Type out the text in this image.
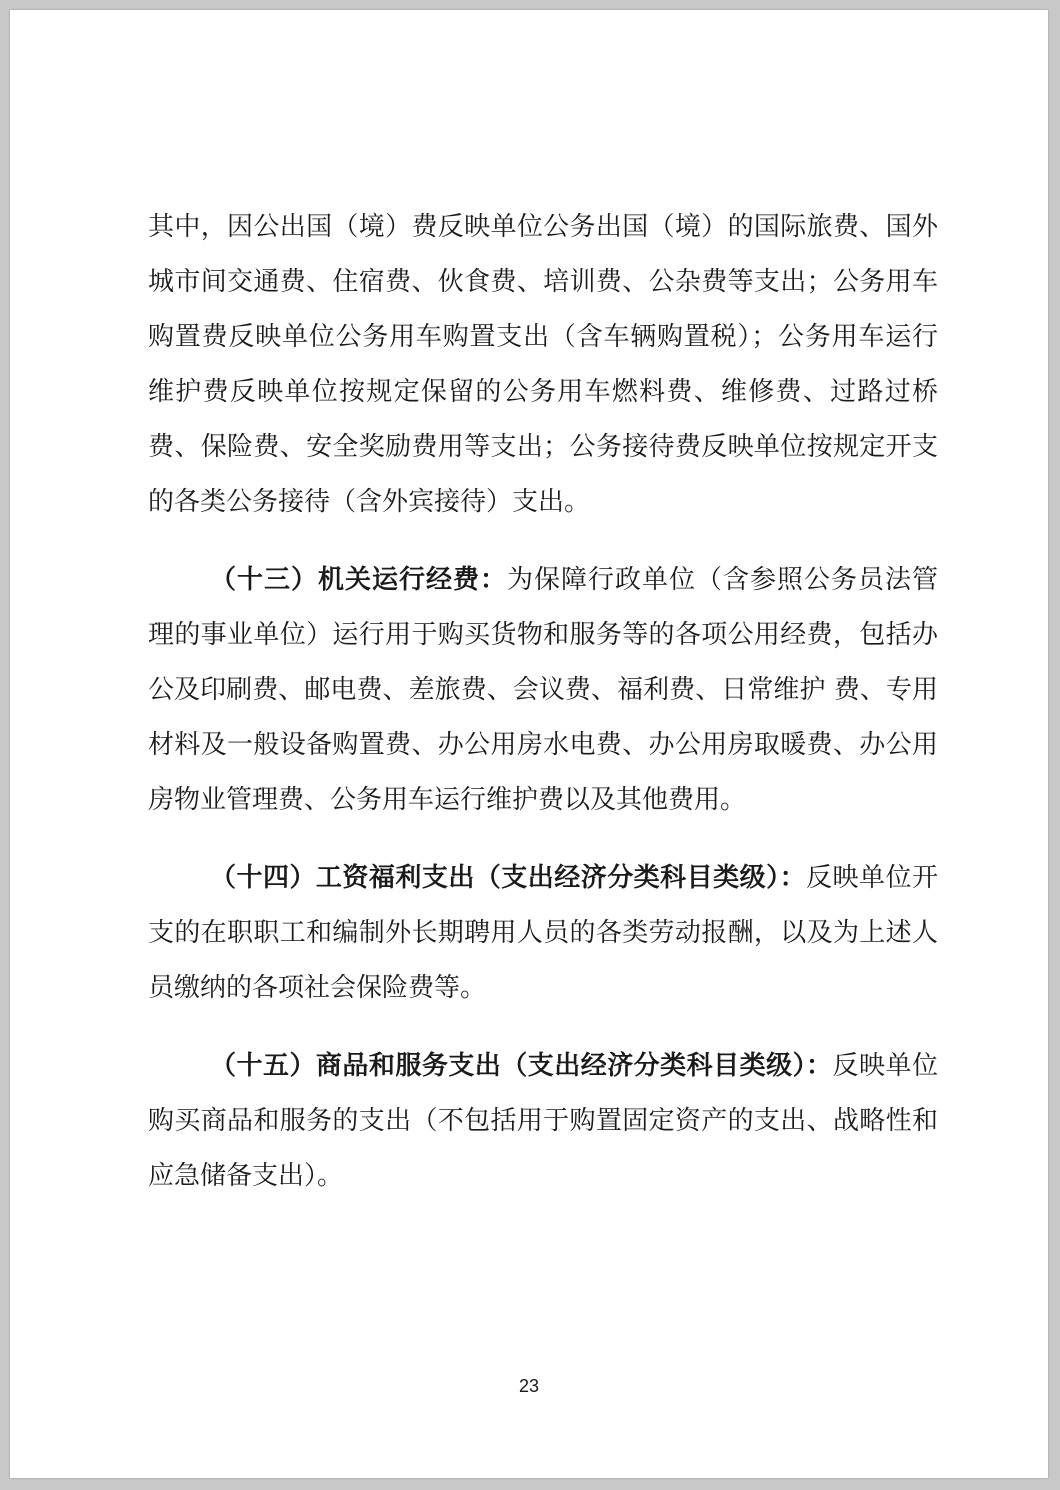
其中，因公出国（境）费反映单位公务出国（境）的国际旅费、国外城市间交通费、住宿费、伙食费、培训费、公杂费等支出；公务用车购置费反映单位公务用车购置支出（含车辆购置税）；公务用车运行维护费反映单位按规定保留的公务用车燃料费、维修费、过路过桥费、保险费、安全奖励费用等支出；公务接待费反映单位按规定开支的各类公务接待（含外宾接待）支出。

（十三）机关运行经费：为保障行政单位（含参照公务员法管理的事业单位）运行用于购买货物和服务等的各项公用经费，包括办公及印刷费、邮电费、差旅费、会议费、福利费、日常维护 费、专用材料及一般设备购置费、办公用房水电费、办公用房取暖费、办公用房物业管理费、公务用车运行维护费以及其他费用。

（十四）工资福利支出（支出经济分类科目类级）：反映单位开支的在职职工和编制外长期聘用人员的各类劳动报酬，以及为上述人员缴纳的各项社会保险费等。

（十五）商品和服务支出（支出经济分类科目类级）：反映单位购买商品和服务的支出（不包括用于购置固定资产的支出、战略性和应急储备支出）。

23
